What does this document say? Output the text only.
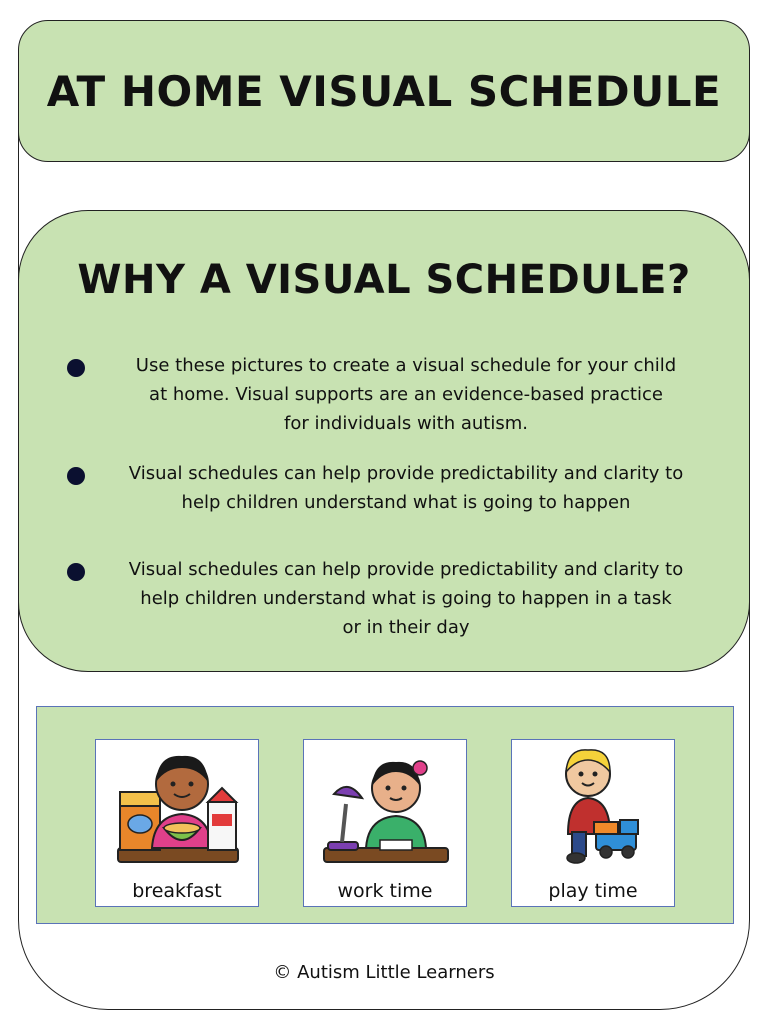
AT HOME VISUAL SCHEDULE
WHY A VISUAL SCHEDULE?

Use these pictures to create a visual schedule for your child
at home. Visual supports are an evidence-based practice
for individuals with autism.

Visual schedules can help provide predictability and clarity to
help children understand what is going to happen

Visual schedules can help provide predictability and clarity to
help children understand what is going to happen in a task
or in their day

breakfast	work time	play time
© Autism Little Learners
